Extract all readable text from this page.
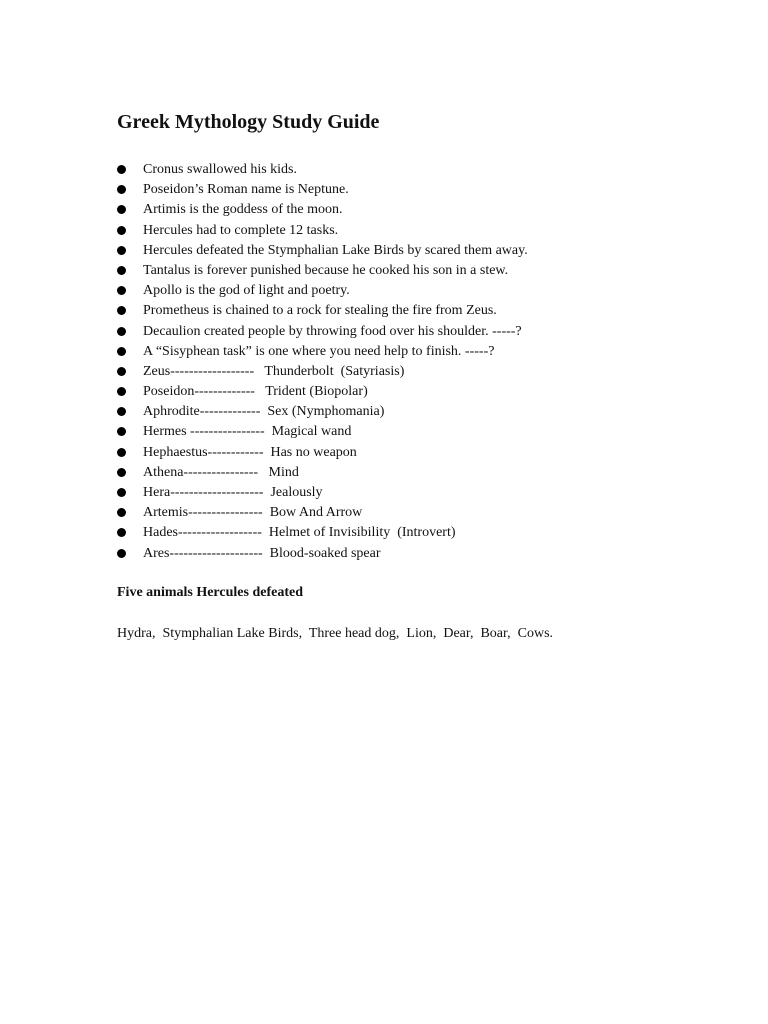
Greek Mythology Study Guide
Cronus swallowed his kids.
Poseidon’s Roman name is Neptune.
Artimis is the goddess of the moon.
Hercules had to complete 12 tasks.
Hercules defeated the Stymphalian Lake Birds by scared them away.
Tantalus is forever punished because he cooked his son in a stew.
Apollo is the god of light and poetry.
Prometheus is chained to a rock for stealing the fire from Zeus.
Decaulion created people by throwing food over his shoulder. -----?
A “Sisyphean task” is one where you need help to finish. -----?
Zeus------------------   Thunderbolt  (Satyriasis)
Poseidon-------------   Trident (Biopolar)
Aphrodite-------------  Sex (Nymphomania)
Hermes ----------------  Magical wand
Hephaestus------------  Has no weapon
Athena----------------   Mind
Hera--------------------  Jealously
Artemis----------------  Bow And Arrow
Hades------------------  Helmet of Invisibility  (Introvert)
Ares--------------------  Blood-soaked spear
Five animals Hercules defeated

Hydra,  Stymphalian Lake Birds,  Three head dog,  Lion,  Dear,  Boar,  Cows.
